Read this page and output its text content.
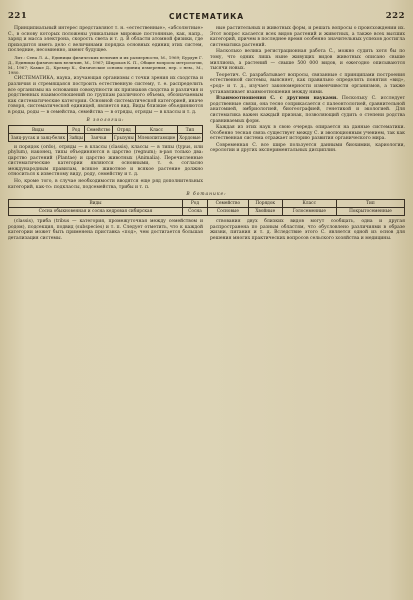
221	СИСТЕМАТИКА	222

Принципиальный интерес представляют т. н. «естественные», «абсолютные» С., в основу которых положены уникальные мировые постоянные, как, напр., заряд и масса электрона, скорость света и т. д. В области атомной физики, где приходится иметь дело с величинами порядка основных единиц этих систем, последние, несомненно, имеют будущее.

Лит.: Сена Л. А., Единицы физических величин и их размерности, М., 1969; Бурдун Г. Д., Единицы физических величин, М., 1967; Широков К. П., Общие вопросы метрологии, М., 1967; Камке Д., Кремер К., Физические основы единиц измерения, пер. с нем., М., 1980.

СИСТЕМАТИКА, наука, изучающая организмы с точки зрения их сходства и различия и стремящаяся построить естественную систему, т. е. распределить все организмы на основании совокупности их признаков сходства и различия и родственных взаимоотношений по группам различного объема, обозначаемым как систематические категории. Основной систематической категорией, иначе говоря, систематической единицей, является вид. Виды близкие объединяются в роды, роды — в семейства, семейства — в отряды, отряды — в классы и т. д.

В зоологии:
Виды	Род	Семейство	Отряд	Класс	Тип
Заяц-русак и заяц-беляк	Зайцы	Заячьи	Грызуны	Млекопитающие	Хордовые

и порядок (ordo), отряды — в классы (classis), классы — в типы (typus, или phylum), наконец, типы объединяются в царство (regnum); в-рая только два: царство растений (Plantae) и царство животных (Animalia). Перечисленные систематические категории являются основными, т. е. согласно международным правилам, всякое животное и всякое растение должно относиться к известному виду, роду, семейству и т. д.

Но, кроме того, в случае необходимости вводятся еще ряд дополнительных категорий, как-то: подклассы, подсемейства, трибы и т. п.

В ботанике:
Виды	Род	Семейство	Порядок	Класс	Тип
Сосна обыкновенная и сосна кедровая сибирская	Сосна	Сосновые	Хвойные	Голосеменные	Покрытосеменные

(classis), триба (tribus — категория, промежуточная между семейством и родом), подсекция, подвид (subspecies) и т. п. Следует отметить, что к каждой категории может быть применена приставка «под», чем достигается большая детализация системы.

ствования двух близких видов могут сообщать, одна и другая распространена по разным областям, что обусловлено различиями в образе жизни, питания и т. д. Вследствие этого С. является одной из основ для решения многих практических вопросов сельского хозяйства и медицины.

ные растительных и животных форм, и решать вопросы о происхождении их. Этот вопрос касается всех видов растений и животных, а также всех высших категорий, причем в последнее время особенно значительных успехов достигла систематика растений.

Насколько велика регистрационная работа С., можно судить хотя бы по тому, что одних лишь ныне живущих видов животных описано свыше миллиона, а растений — свыше 500 000 видов, и ежегодно описываются тысячи новых.

Теоретич. С. разрабатывает вопросы, связанные с принципами построения естественной системы, выясняет, как правильно определять понятия «вид», «род» и т. д., изучает закономерности изменчивости организмов, а также устанавливает взаимоотношения между ними.

Взаимоотношения С. с другими науками. Поскольку С. исследует родственные связи, она тесно соприкасается с палеонтологией, сравнительной анатомией, эмбриологией, биогеографией, генетикой и экологией. Для систематика важен каждый признак, позволяющий судить о степени родства сравниваемых форм.

Каждая из этих наук в свою очередь опирается на данные систематики. Особенно тесная связь существует между С. и эволюционным учением, так как естественная система отражает историю развития органического мира.

Современная С. все шире пользуется данными биохимии, кариологии, серологии и других экспериментальных дисциплин.
